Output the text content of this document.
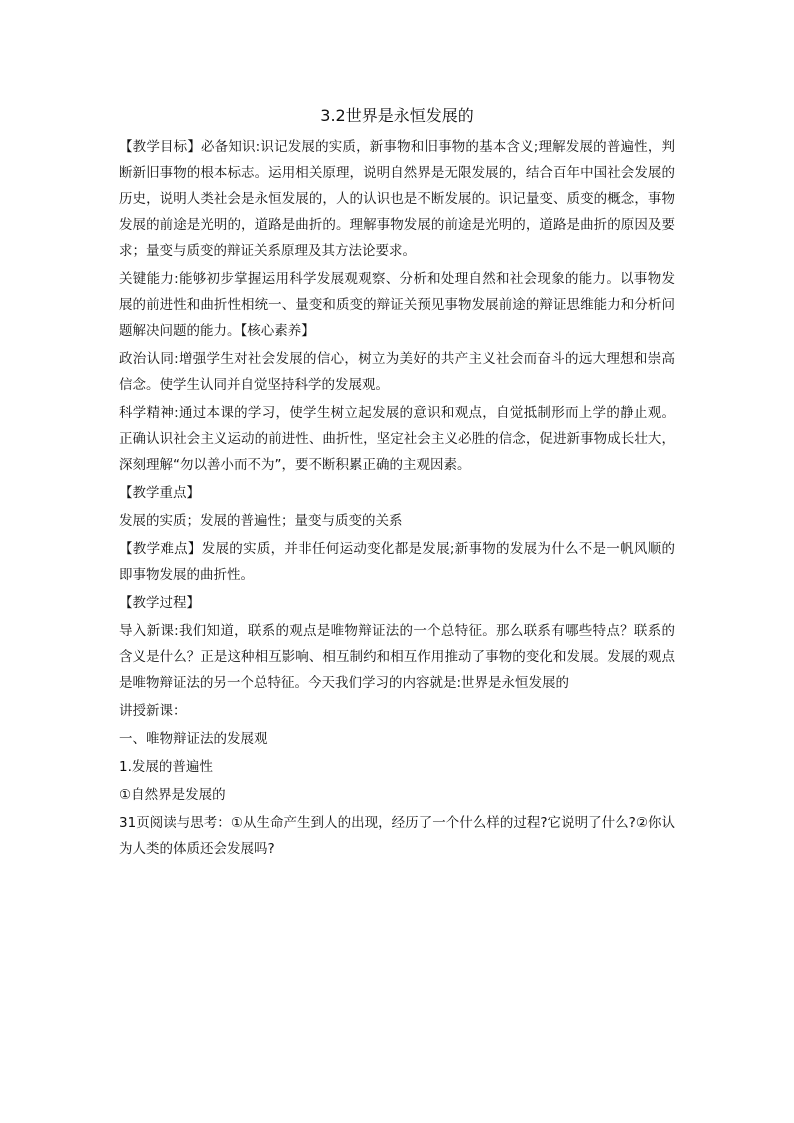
3.2世界是永恒发展的

【教学目标】必备知识:识记发展的实质，新事物和旧事物的基本含义;理解发展的普遍性，判断新旧事物的根本标志。运用相关原理，说明自然界是无限发展的，结合百年中国社会发展的历史，说明人类社会是永恒发展的，人的认识也是不断发展的。识记量变、质变的概念，事物发展的前途是光明的，道路是曲折的。理解事物发展的前途是光明的，道路是曲折的原因及要求；量变与质变的辩证关系原理及其方法论要求。

关键能力:能够初步掌握运用科学发展观观察、分析和处理自然和社会现象的能力。以事物发展的前进性和曲折性相统一、量变和质变的辩证关预见事物发展前途的辩证思维能力和分析问题解决问题的能力。【核心素养】

政治认同:增强学生对社会发展的信心，树立为美好的共产主义社会而奋斗的远大理想和崇高信念。使学生认同并自觉坚持科学的发展观。

科学精神:通过本课的学习，使学生树立起发展的意识和观点，自觉抵制形而上学的静止观。正确认识社会主义运动的前进性、曲折性，坚定社会主义必胜的信念，促进新事物成长壮大，深刻理解“勿以善小而不为”，要不断积累正确的主观因素。

【教学重点】

发展的实质；发展的普遍性；量变与质变的关系

【教学难点】发展的实质，并非任何运动变化都是发展;新事物的发展为什么不是一帆风顺的即事物发展的曲折性。

【教学过程】

导入新课:我们知道，联系的观点是唯物辩证法的一个总特征。那么联系有哪些特点？联系的含义是什么？正是这种相互影响、相互制约和相互作用推动了事物的变化和发展。发展的观点是唯物辩证法的另一个总特征。今天我们学习的内容就是:世界是永恒发展的

讲授新课：

一、唯物辩证法的发展观

1.发展的普遍性

①自然界是发展的

31页阅读与思考：①从生命产生到人的出现，经历了一个什么样的过程?它说明了什么?②你认为人类的体质还会发展吗?
